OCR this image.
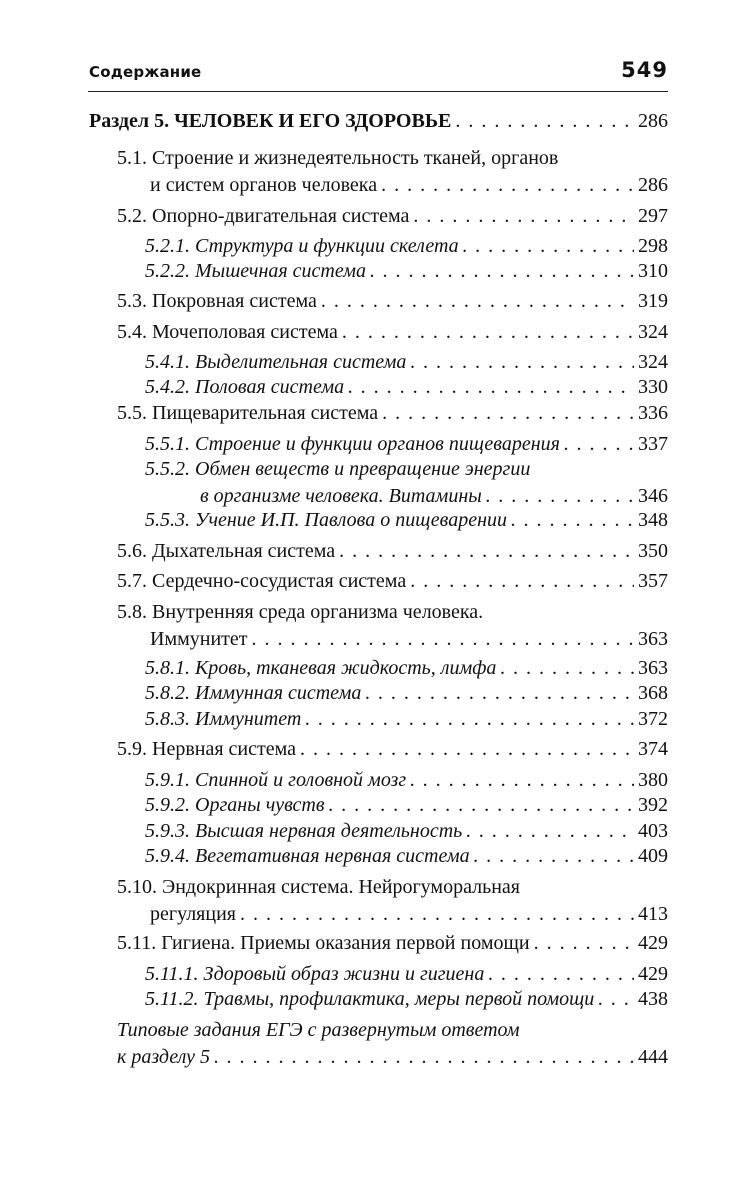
Содержание	549
Раздел 5. ЧЕЛОВЕК И ЕГО ЗДОРОВЬЕ . . .	286
5.1. Строение и жизнедеятельность тканей, органов
и систем органов человека . . .	286
5.2. Опорно-двигательная система . . .	297
5.2.1. Структура и функции скелета . . .	298
5.2.2. Мышечная система . . .	310
5.3. Покровная система . . .	319
5.4. Мочеполовая система . . .	324
5.4.1. Выделительная система . . .	324
5.4.2. Половая система . . .	330
5.5. Пищеварительная система . . .	336
5.5.1. Строение и функции органов пищеварения . . .	337
5.5.2. Обмен веществ и превращение энергии
в организме человека. Витамины . . .	346
5.5.3. Учение И.П. Павлова о пищеварении . . .	348
5.6. Дыхательная система . . .	350
5.7. Сердечно-сосудистая система . . .	357
5.8. Внутренняя среда организма человека.
Иммунитет . . .	363
5.8.1. Кровь, тканевая жидкость, лимфа . . .	363
5.8.2. Иммунная система . . .	368
5.8.3. Иммунитет . . .	372
5.9. Нервная система . . .	374
5.9.1. Спинной и головной мозг . . .	380
5.9.2. Органы чувств . . .	392
5.9.3. Высшая нервная деятельность . . .	403
5.9.4. Вегетативная нервная система . . .	409
5.10. Эндокринная система. Нейрогуморальная
регуляция . . .	413
5.11. Гигиена. Приемы оказания первой помощи . . .	429
5.11.1. Здоровый образ жизни и гигиена . . .	429
5.11.2. Травмы, профилактика, меры первой помощи . . . 438
Типовые задания ЕГЭ с развернутым ответом
к разделу 5 . . .	444
